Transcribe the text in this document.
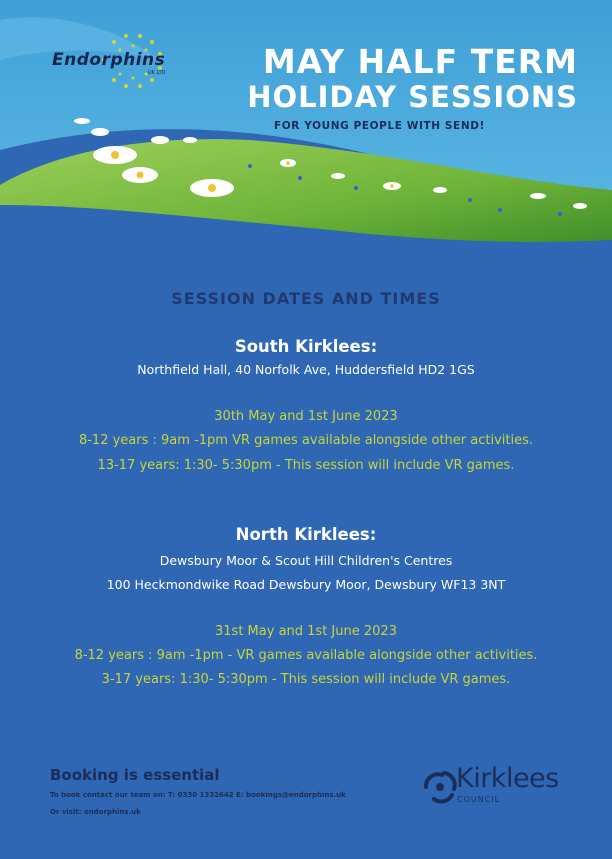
Endorphins
UK LTD	MAY HALF TERM
HOLIDAY SESSIONS
FOR YOUNG PEOPLE WITH SEND!
SESSION DATES AND TIMES
South Kirklees:
Northfield Hall, 40 Norfolk Ave, Huddersfield HD2 1GS
30th May and 1st June 2023
8-12 years : 9am -1pm VR games available alongside other activities.
13-17 years: 1:30- 5:30pm - This session will include VR games.
North Kirklees:
Dewsbury Moor & Scout Hill Children's Centres
100 Heckmondwike Road Dewsbury Moor, Dewsbury WF13 3NT
31st May and 1st June 2023
8-12 years : 9am -1pm - VR games available alongside other activities.
3-17 years: 1:30- 5:30pm - This session will include VR games.
Booking is essential
To book contact our team on: T: 0330 1332642 E: bookings@endorphins.uk
Or visit: endorphins.uk
Kirklees
COUNCIL
